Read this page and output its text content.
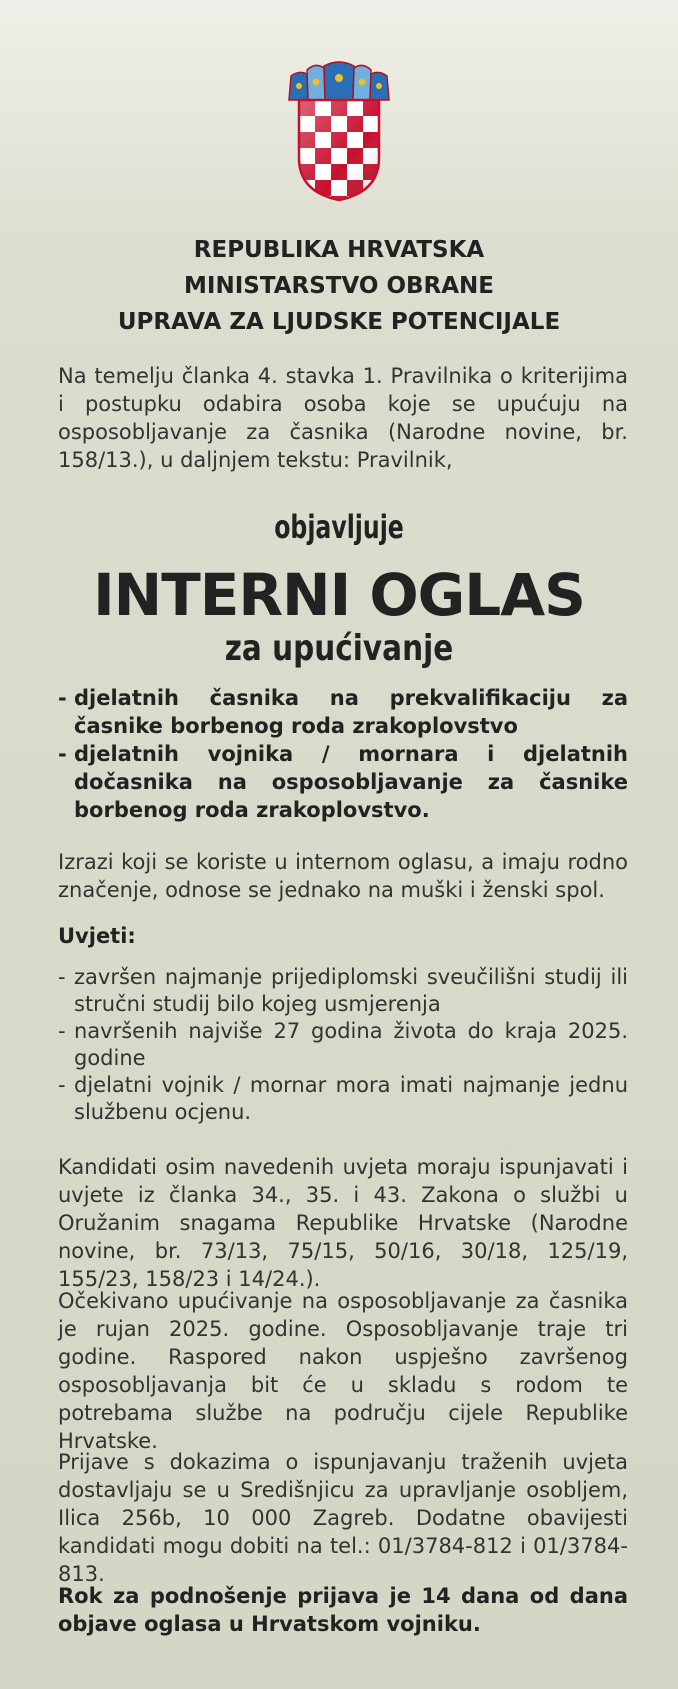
REPUBLIKA HRVATSKA
MINISTARSTVO OBRANE
UPRAVA ZA LJUDSKE POTENCIJALE

Na temelju članka 4. stavka 1. Pravilnika o kriterijima i postupku odabira osoba koje se upućuju na osposobljavanje za časnika (Narodne novine, br. 158/13.), u daljnjem tekstu: Pravilnik,

objavljuje
INTERNI OGLAS
za upućivanje
- djelatnih časnika na prekvalifikaciju za časnike borbenog roda zrakoplovstvo
- djelatnih vojnika / mornara i djelatnih dočasnika na osposobljavanje za časnike borbenog roda zrakoplovstvo.

Izrazi koji se koriste u internom oglasu, a imaju rodno značenje, odnose se jednako na muški i ženski spol.

Uvjeti:
- završen najmanje prijediplomski sveučilišni studij ili stručni studij bilo kojeg usmjerenja
- navršenih najviše 27 godina života do kraja 2025. godine
- djelatni vojnik / mornar mora imati najmanje jednu službenu ocjenu.

Kandidati osim navedenih uvjeta moraju ispunjavati i uvjete iz članka 34., 35. i 43. Zakona o službi u Oružanim snagama Republike Hrvatske (Narodne novine, br. 73/13, 75/15, 50/16, 30/18, 125/19, 155/23, 158/23 i 14/24.).

Očekivano upućivanje na osposobljavanje za časnika je rujan 2025. godine. Osposobljavanje traje tri godine. Raspored nakon uspješno završenog osposobljavanja bit će u skladu s rodom te potrebama službe na području cijele Republike Hrvatske.

Prijave s dokazima o ispunjavanju traženih uvjeta dostavljaju se u Središnjicu za upravljanje osobljem, Ilica 256b, 10 000 Zagreb. Dodatne obavijesti kandidati mogu dobiti na tel.: 01/3784-812 i 01/3784-813.

Rok za podnošenje prijava je 14 dana od dana objave oglasa u Hrvatskom vojniku.
